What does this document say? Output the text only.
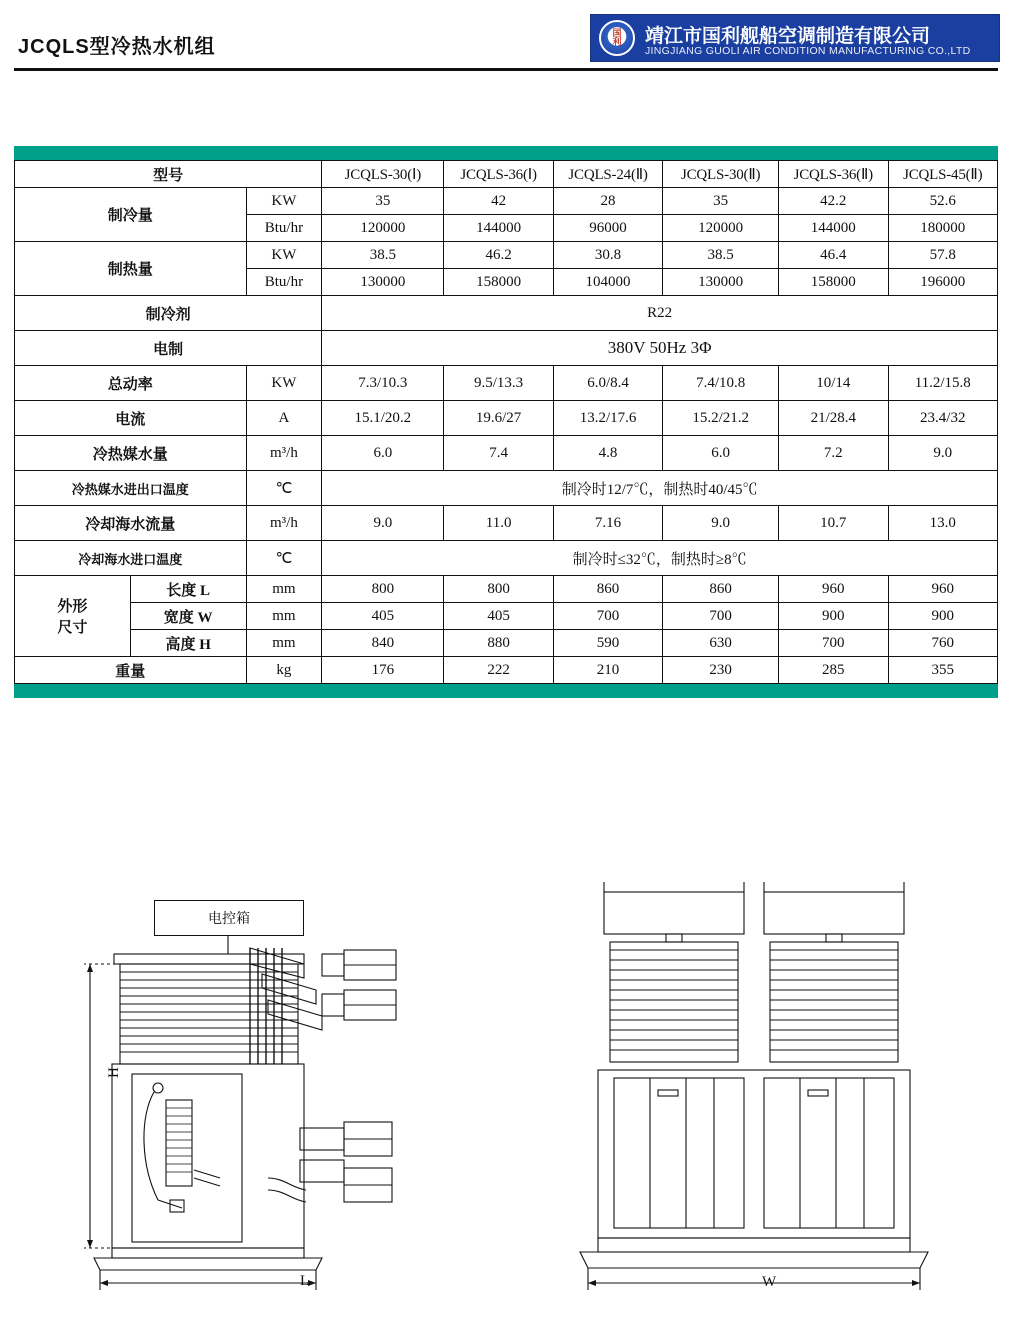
JCQLS型冷热水机组
国利 靖江市国利舰船空调制造有限公司
JINGJIANG GUOLI AIR CONDITION MANUFACTURING CO.,LTD
型号			JCQLS-30(Ⅰ)	JCQLS-36(Ⅰ)	JCQLS-24(Ⅱ)	JCQLS-30(Ⅱ)	JCQLS-36(Ⅱ)	JCQLS-45(Ⅱ)
制冷量		KW	35	42	28	35	42.2	52.6
		Btu/hr	120000	144000	96000	120000	144000	180000
制热量		KW	38.5	46.2	30.8	38.5	46.4	57.8
		Btu/hr	130000	158000	104000	130000	158000	196000
制冷剂			R22					
电制			380V 50Hz 3Φ					
总动率		KW	7.3/10.3	9.5/13.3	6.0/8.4	7.4/10.8	10/14	11.2/15.8
电流		A	15.1/20.2	19.6/27	13.2/17.6	15.2/21.2	21/28.4	23.4/32
冷热媒水量		m³/h	6.0	7.4	4.8	6.0	7.2	9.0
冷热媒水进出口温度		℃	制冷时12/7℃，制热时40/45℃					
冷却海水流量		m³/h	9.0	11.0	7.16	9.0	10.7	13.0
冷却海水进口温度		℃	制冷时≤32℃，制热时≥8℃					

外形
尺寸	长度 L	mm	800	800	860	860	960	960
	宽度 W	mm	405	405	700	700	900	900
	高度 H	mm	840	880	590	630	700	760
重量		kg	176	222	210	230	285	355
电控箱
H
L	W
